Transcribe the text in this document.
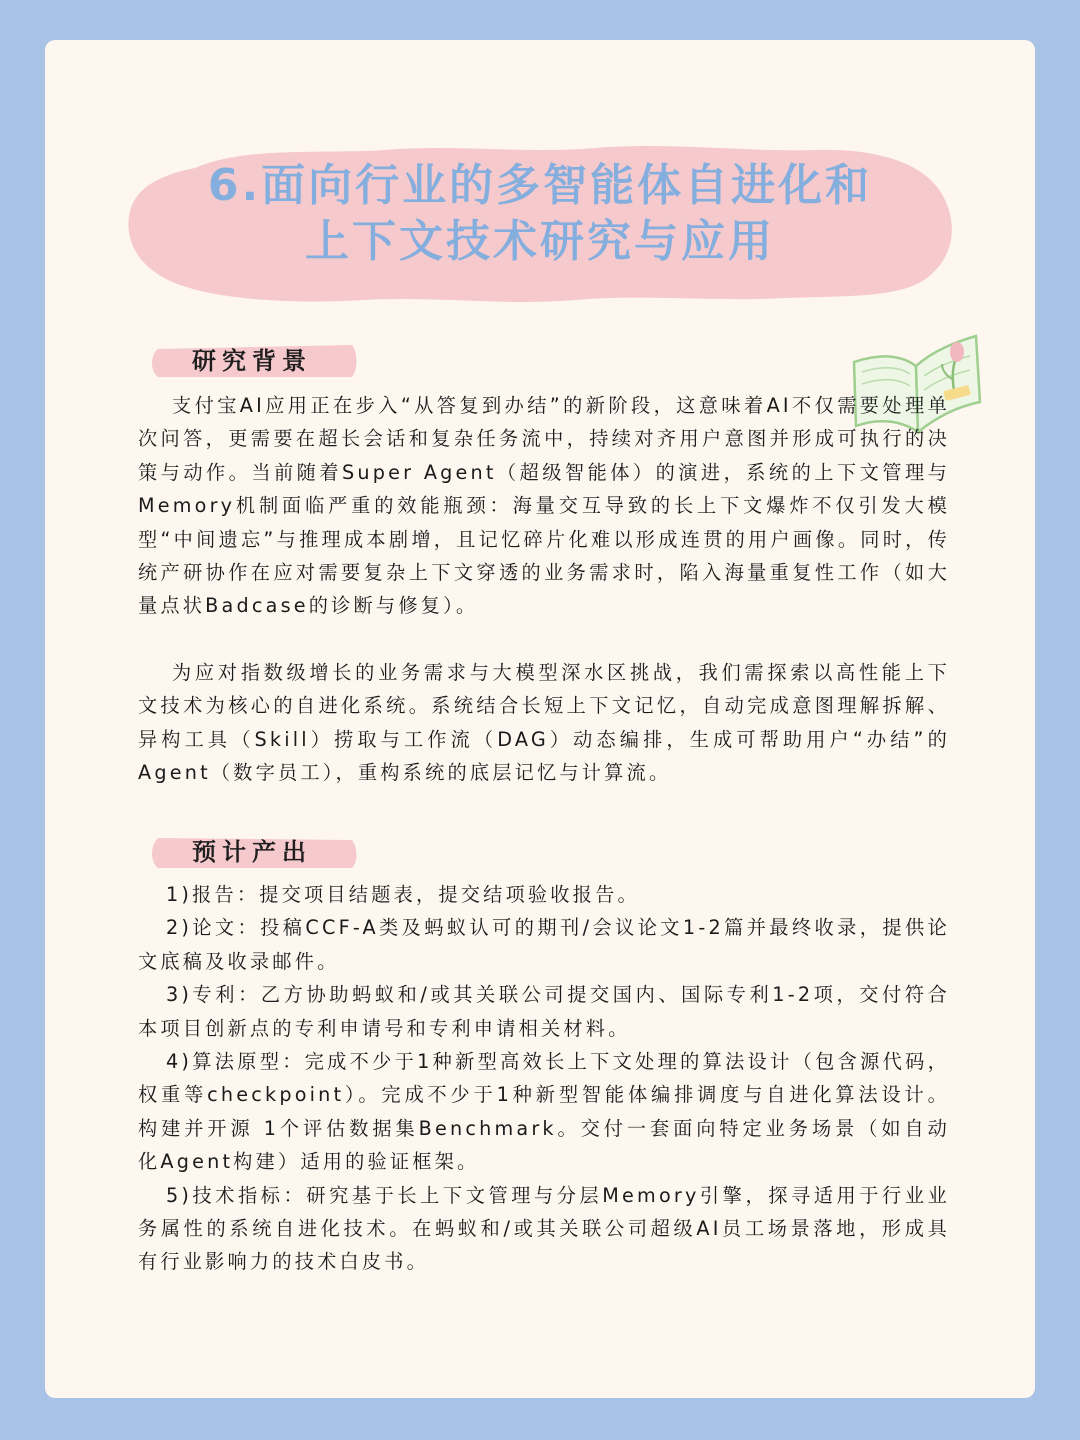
6.面向行业的多智能体自进化和
上下文技术研究与应用
研究背景

支付宝AI应用正在步入“从答复到办结”的新阶段，这意味着AI不仅需要处理单次问答，更需要在超长会话和复杂任务流中，持续对齐用户意图并形成可执行的决策与动作。当前随着Super Agent（超级智能体）的演进，系统的上下文管理与Memory机制面临严重的效能瓶颈：海量交互导致的长上下文爆炸不仅引发大模型“中间遗忘”与推理成本剧增，且记忆碎片化难以形成连贯的用户画像。同时，传统产研协作在应对需要复杂上下文穿透的业务需求时，陷入海量重复性工作（如大量点状Badcase的诊断与修复）。

为应对指数级增长的业务需求与大模型深水区挑战，我们需探索以高性能上下文技术为核心的自进化系统。系统结合长短上下文记忆，自动完成意图理解拆解、异构工具（Skill）捞取与工作流（DAG）动态编排，生成可帮助用户“办结”的Agent（数字员工），重构系统的底层记忆与计算流。

预计产出
1)报告：提交项目结题表，提交结项验收报告。
2)论文：投稿CCF-A类及蚂蚁认可的期刊/会议论文1-2篇并最终收录，提供论文底稿及收录邮件。
3)专利：乙方协助蚂蚁和/或其关联公司提交国内、国际专利1-2项，交付符合本项目创新点的专利申请号和专利申请相关材料。
4)算法原型：完成不少于1种新型高效长上下文处理的算法设计（包含源代码，权重等checkpoint）。完成不少于1种新型智能体编排调度与自进化算法设计。构建并开源 1个评估数据集Benchmark。交付一套面向特定业务场景（如自动化Agent构建）适用的验证框架。
5)技术指标：研究基于长上下文管理与分层Memory引擎，探寻适用于行业业务属性的系统自进化技术。在蚂蚁和/或其关联公司超级AI员工场景落地，形成具有行业影响力的技术白皮书。
